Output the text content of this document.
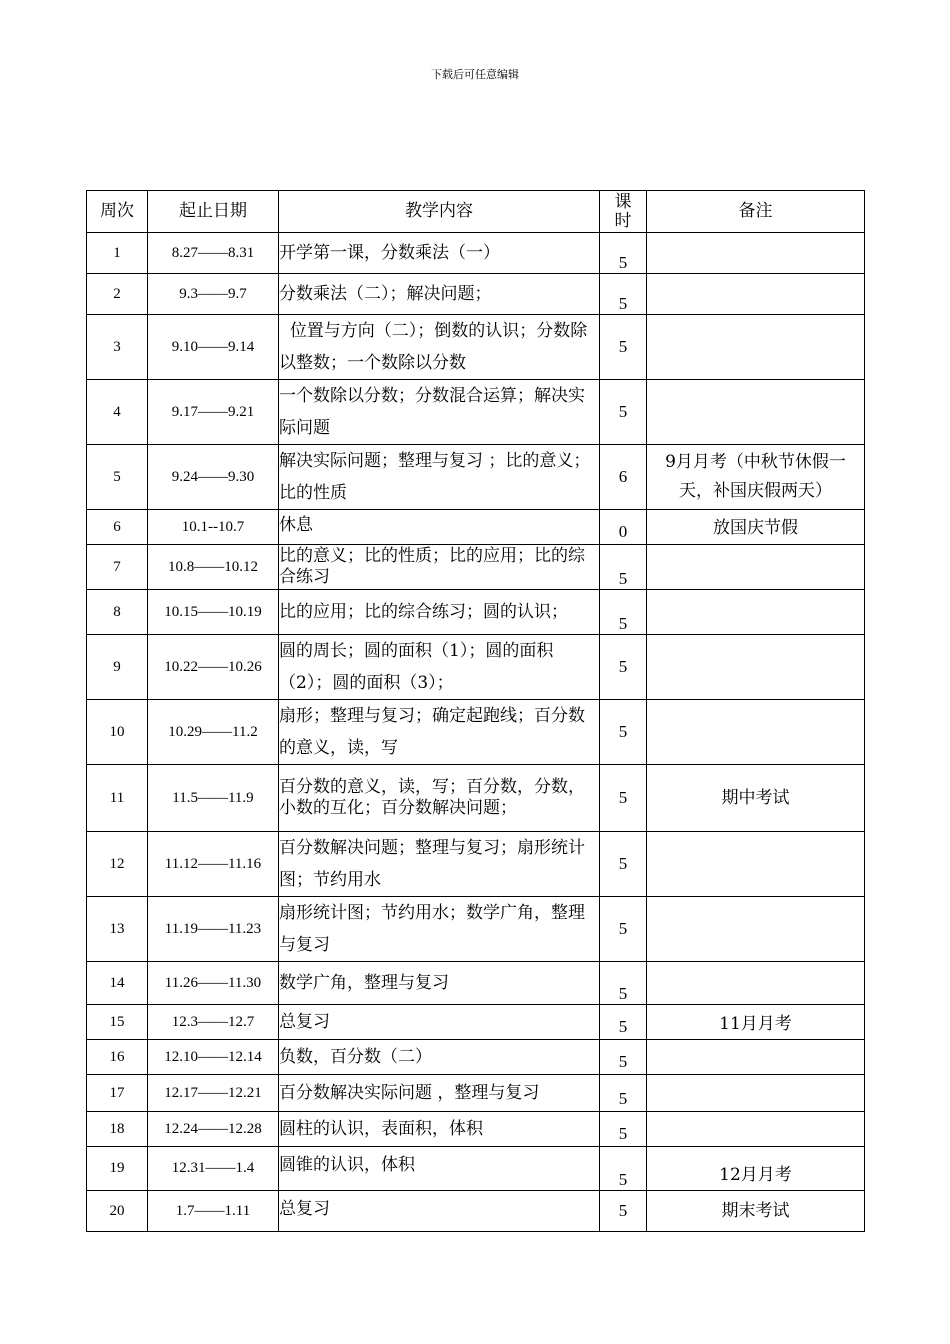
下载后可任意编辑
周次	起止日期	教学内容	课时	备注
1	8.27——8.31	开学第一课，分数乘法（一）	5	
2	9.3——9.7	分数乘法（二）；解决问题；	5	
3	9.10——9.14	位置与方向（二）；倒数的认识；分数除以整数；一个数除以分数	5	
4	9.17——9.21	一个数除以分数；分数混合运算；解决实际问题	5	
5	9.24——9.30	解决实际问题；整理与复习 ；比的意义；比的性质	6	9月月考（中秋节休假一天，补国庆假两天）
6	10.1--10.7	休息	0	放国庆节假
7	10.8——10.12	比的意义；比的性质；比的应用；比的综合练习	5	
8	10.15——10.19	比的应用；比的综合练习；圆的认识；	5	
9	10.22——10.26	圆的周长；圆的面积（1）；圆的面积（2）；圆的面积（3）；	5	
10	10.29——11.2	扇形；整理与复习；确定起跑线；百分数的意义，读，写	5	
11	11.5——11.9	百分数的意义，读，写；百分数，分数，小数的互化；百分数解决问题；	5	期中考试
12	11.12——11.16	百分数解决问题；整理与复习；扇形统计图；节约用水	5	
13	11.19——11.23	扇形统计图；节约用水；数学广角，整理与复习	5	
14	11.26——11.30	数学广角，整理与复习	5	
15	12.3——12.7	总复习	5	11月月考
16	12.10——12.14	负数，百分数（二）	5	
17	12.17——12.21	百分数解决实际问题 ，整理与复习	5	
18	12.24——12.28	圆柱的认识，表面积，体积	5	
19	12.31——1.4	圆锥的认识，体积	5	12月月考
20	1.7——1.11	总复习	5	期末考试
